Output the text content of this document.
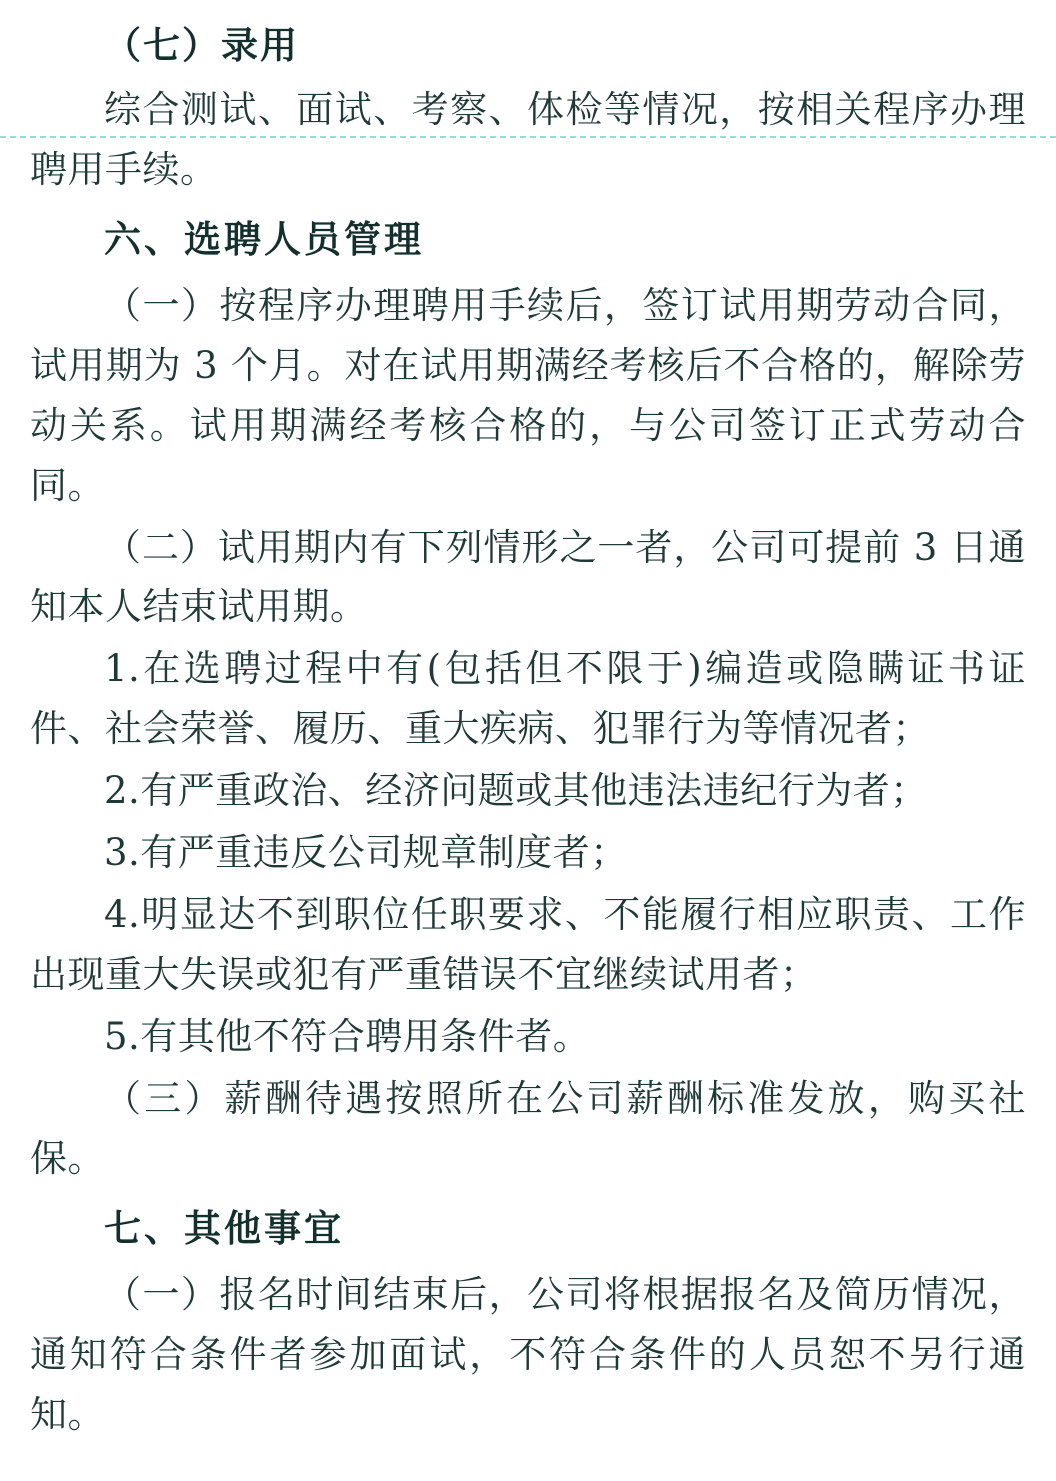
（七）录用
综合测试、面试、考察、体检等情况，按相关程序办理聘用手续。
六、选聘人员管理
（一）按程序办理聘用手续后，签订试用期劳动合同，试用期为 3 个月。对在试用期满经考核后不合格的，解除劳动关系。试用期满经考核合格的，与公司签订正式劳动合同。
（二）试用期内有下列情形之一者，公司可提前 3 日通知本人结束试用期。
1.在选聘过程中有(包括但不限于)编造或隐瞒证书证件、社会荣誉、履历、重大疾病、犯罪行为等情况者；
2.有严重政治、经济问题或其他违法违纪行为者；
3.有严重违反公司规章制度者；
4.明显达不到职位任职要求、不能履行相应职责、工作出现重大失误或犯有严重错误不宜继续试用者；
5.有其他不符合聘用条件者。
（三）薪酬待遇按照所在公司薪酬标准发放，购买社保。
七、其他事宜
（一）报名时间结束后，公司将根据报名及简历情况，通知符合条件者参加面试，不符合条件的人员恕不另行通知。
